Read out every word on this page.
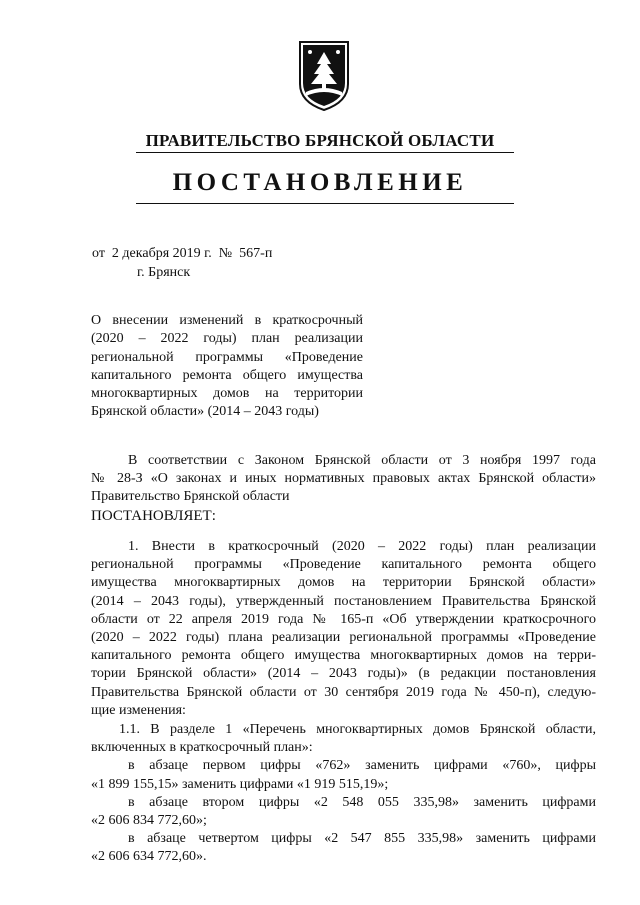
ПРАВИТЕЛЬСТВО БРЯНСКОЙ ОБЛАСТИ
ПОСТАНОВЛЕНИЕ
от  2 декабря 2019 г.  №  567-п
г. Брянск
О внесении изменений в краткосрочный
(2020 – 2022 годы) план реализации
региональной программы «Проведение
капитального ремонта общего имущества
многоквартирных домов на территории
Брянской области» (2014 – 2043 годы)
В соответствии с Законом Брянской области от 3 ноября 1997 года
№ 28-З «О законах и иных нормативных правовых актах Брянской области»
Правительство Брянской области
ПОСТАНОВЛЯЕТ:
1. Внести в краткосрочный (2020 – 2022 годы) план реализации
региональной программы «Проведение капитального ремонта общего
имущества многоквартирных домов на территории Брянской области»
(2014 – 2043 годы), утвержденный постановлением Правительства Брянской
области от 22 апреля 2019 года № 165-п «Об утверждении краткосрочного
(2020 – 2022 годы) плана реализации региональной программы «Проведение
капитального ремонта общего имущества многоквартирных домов на терри-
тории Брянской области» (2014 – 2043 годы)» (в редакции постановления
Правительства Брянской области от 30 сентября 2019 года № 450-п), следую-
щие изменения:
1.1. В разделе 1 «Перечень многоквартирных домов Брянской области,
включенных в краткосрочный план»:
в абзаце первом цифры «762» заменить цифрами «760», цифры
«1 899 155,15» заменить цифрами «1 919 515,19»;
в абзаце втором цифры «2 548 055 335,98» заменить цифрами
«2 606 834 772,60»;
в абзаце четвертом цифры «2 547 855 335,98» заменить цифрами
«2 606 634 772,60».
